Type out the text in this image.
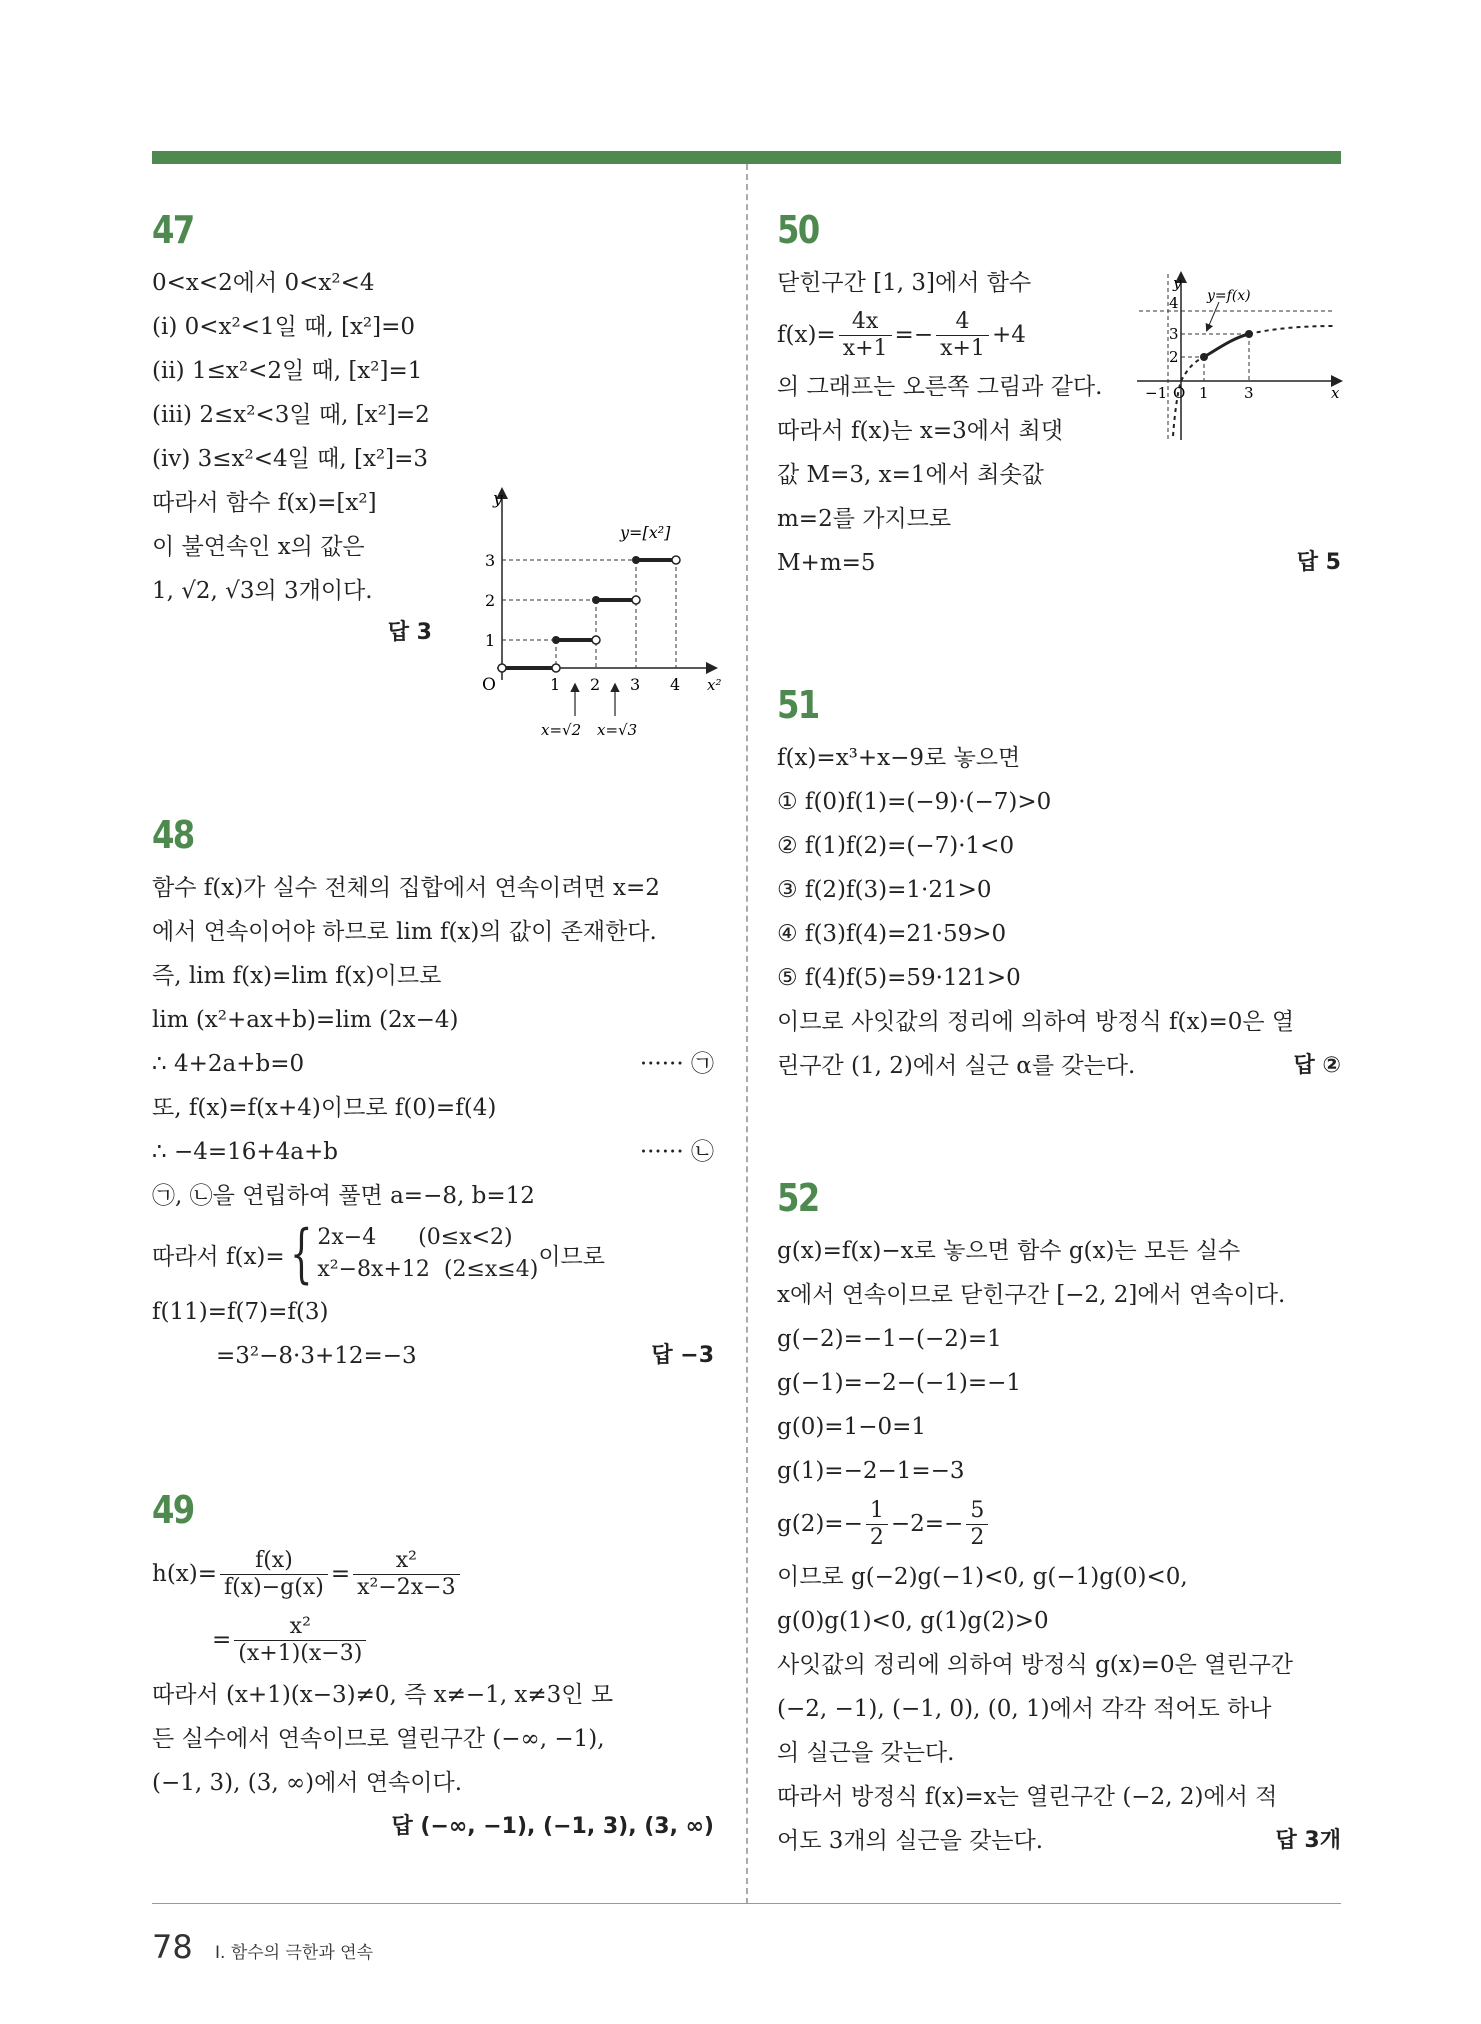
47
0<x<2에서 0<x²<4
(ⅰ) 0<x²<1일 때, [x²]=0
(ⅱ) 1≤x²<2일 때, [x²]=1
(ⅲ) 2≤x²<3일 때, [x²]=2
(ⅳ) 3≤x²<4일 때, [x²]=3
따라서 함수 f(x)=[x²]
이 불연속인 x의 값은
1, √2, √3의 3개이다.
답 3
y
x²
O
y=[x²]
1 2 3 4
1
2
3
x=√2 x=√3
48
함수 f(x)가 실수 전체의 집합에서 연속이려면 x=2
에서 연속이어야 하므로 lim f(x)의 값이 존재한다.
즉, lim f(x)=lim f(x)이므로
lim (x²+ax+b)=lim (2x−4)
∴ 4+2a+b=0	······ ㉠
또, f(x)=f(x+4)이므로 f(0)=f(4)
∴ −4=16+4a+b	······ ㉡
㉠, ㉡을 연립하여 풀면 a=−8, b=12
따라서 f(x)= { 2x−4      (0≤x<2)
x²−8x+12  (2≤x≤4) 이므로
f(11)=f(7)=f(3)
=3²−8·3+12=−3	답 −3
49
$h(x)= \frac{f(x)}{f(x)-g(x)} = \frac{\text{x²}}{\text{x²−2x−3}}$
= $\frac{\text{x²}}{(x+1)(x-3)}$
따라서 (x+1)(x−3)≠0, 즉 x≠−1, x≠3인 모
든 실수에서 연속이므로 열린구간 (−∞, −1),
(−1, 3), (3, ∞)에서 연속이다.
답 (−∞, −1), (−1, 3), (3, ∞)
50
닫힌구간 [1, 3]에서 함수
$f(x)= \frac{4x}{x+1} =- \frac{4}{x+1} +4$
의 그래프는 오른쪽 그림과 같다.
따라서 f(x)는 x=3에서 최댓
값 M=3, x=1에서 최솟값
m=2를 가지므로
M+m=5	답 5
y
x
O
y=f(x)
−1 1 3
2
3
4
51
f(x)=x³+x−9로 놓으면
① f(0)f(1)=(−9)·(−7)>0
② f(1)f(2)=(−7)·1<0
③ f(2)f(3)=1·21>0
④ f(3)f(4)=21·59>0
⑤ f(4)f(5)=59·121>0
이므로 사잇값의 정리에 의하여 방정식 f(x)=0은 열
린구간 (1, 2)에서 실근 α를 갖는다.	답 ②
52
g(x)=f(x)−x로 놓으면 함수 g(x)는 모든 실수
x에서 연속이므로 닫힌구간 [−2, 2]에서 연속이다.
g(−2)=−1−(−2)=1
g(−1)=−2−(−1)=−1
g(0)=1−0=1
g(1)=−2−1=−3
$g(2)=- \frac{1}{2} -2=- \frac{5}{2}$
이므로 g(−2)g(−1)<0, g(−1)g(0)<0,
g(0)g(1)<0, g(1)g(2)>0
사잇값의 정리에 의하여 방정식 g(x)=0은 열린구간
(−2, −1), (−1, 0), (0, 1)에서 각각 적어도 하나
의 실근을 갖는다.
따라서 방정식 f(x)=x는 열린구간 (−2, 2)에서 적
어도 3개의 실근을 갖는다.	답 3개
78 Ⅰ. 함수의 극한과 연속
